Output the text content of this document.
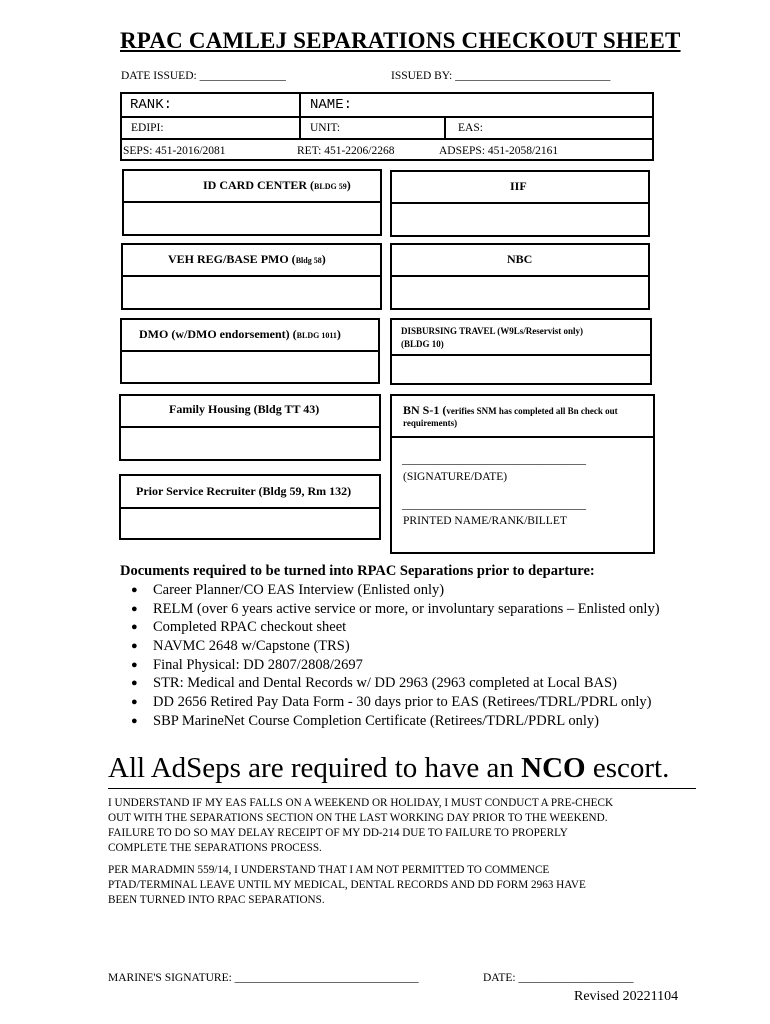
RPAC CAMLEJ SEPARATIONS CHECKOUT SHEET
DATE ISSUED: _______________	ISSUED BY: ___________________________
RANK:	NAME:
EDIPI:	UNIT:	EAS:
SEPS: 451-2016/2081	RET: 451-2206/2268	ADSEPS: 451-2058/2161
ID CARD CENTER (BLDG 59)	IIF
VEH REG/BASE PMO (Bldg 58)	NBC
DMO (w/DMO endorsement) (BLDG 1011)	DISBURSING TRAVEL (W9Ls/Reservist only)
(BLDG 10)
Family Housing (Bldg TT 43)	BN S-1 (verifies SNM has completed all Bn check out
requirements)
________________________________
(SIGNATURE/DATE)
________________________________
PRINTED NAME/RANK/BILLET
Prior Service Recruiter (Bldg 59, Rm 132)
Documents required to be turned into RPAC Separations prior to departure:
● Career Planner/CO EAS Interview (Enlisted only)
● RELM (over 6 years active service or more, or involuntary separations – Enlisted only)
● Completed RPAC checkout sheet
● NAVMC 2648 w/Capstone (TRS)
● Final Physical: DD 2807/2808/2697
● STR: Medical and Dental Records w/ DD 2963 (2963 completed at Local BAS)
● DD 2656 Retired Pay Data Form - 30 days prior to EAS (Retirees/TDRL/PDRL only)
● SBP MarineNet Course Completion Certificate (Retirees/TDRL/PDRL only)
All AdSeps are required to have an NCO escort.
I UNDERSTAND IF MY EAS FALLS ON A WEEKEND OR HOLIDAY, I MUST CONDUCT A PRE-CHECK
OUT WITH THE SEPARATIONS SECTION ON THE LAST WORKING DAY PRIOR TO THE WEEKEND.
FAILURE TO DO SO MAY DELAY RECEIPT OF MY DD-214 DUE TO FAILURE TO PROPERLY
COMPLETE THE SEPARATIONS PROCESS.
PER MARADMIN 559/14, I UNDERSTAND THAT I AM NOT PERMITTED TO COMMENCE
PTAD/TERMINAL LEAVE UNTIL MY MEDICAL, DENTAL RECORDS AND DD FORM 2963 HAVE
BEEN TURNED INTO RPAC SEPARATIONS.
MARINE'S SIGNATURE: ________________________________	DATE: ____________________
Revised 20221104
